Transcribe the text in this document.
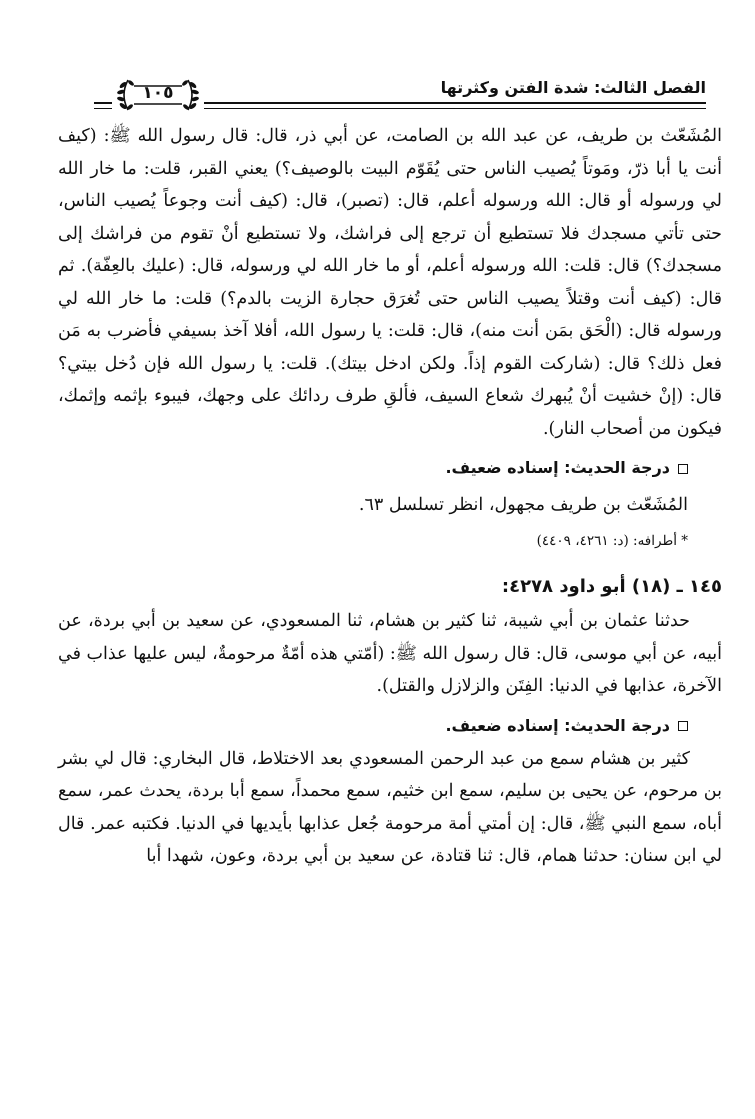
الفصل الثالث: شدة الفتن وكثرتها
١٠٥

المُشَعّث بن طريف، عن عبد الله بن الصامت، عن أبي ذر، قال: قال رسول الله ﷺ: (كيف أنت يا أبا ذرّ، ومَوتاً يُصيب الناس حتى يُقَوّم البيت بالوصيف؟) يعني القبر، قلت: ما خار الله لي ورسوله أو قال: الله ورسوله أعلم، قال: (تصبر)، قال: (كيف أنت وجوعاً يُصيب الناس، حتى تأتي مسجدك فلا تستطيع أن ترجع إلى فراشك، ولا تستطيع أنْ تقوم من فراشك إلى مسجدك؟) قال: قلت: الله ورسوله أعلم، أو ما خار الله لي ورسوله، قال: (عليك بالعِفّة). ثم قال: (كيف أنت وقتلاً يصيب الناس حتى تُغرَق حجارة الزيت بالدم؟) قلت: ما خار الله لي ورسوله قال: (الْحَق بمَن أنت منه)، قال: قلت: يا رسول الله، أفلا آخذ بسيفي فأضرب به مَن فعل ذلك؟ قال: (شاركت القوم إذاً. ولكن ادخل بيتك). قلت: يا رسول الله فإن دُخل بيتي؟ قال: (إنْ خشيت أنْ يُبهرك شعاع السيف، فألقِ طرف ردائك على وجهك، فيبوء بإثمه وإثمك، فيكون من أصحاب النار).

درجة الحديث: إسناده ضعيف.
المُشَعّث بن طريف مجهول، انظر تسلسل ٦٣.
* أطرافه: (د: ٤٢٦١، ٤٤٠٩)
١٤٥ ـ (١٨) أبو داود ٤٢٧٨:

حدثنا عثمان بن أبي شيبة، ثنا كثير بن هشام، ثنا المسعودي، عن سعيد بن أبي بردة، عن أبيه، عن أبي موسى، قال: قال رسول الله ﷺ: (أمّتي هذه أمّةٌ مرحومةٌ، ليس عليها عذاب في الآخرة، عذابها في الدنيا: الفِتَن والزلازل والقتل).

درجة الحديث: إسناده ضعيف.

كثير بن هشام سمع من عبد الرحمن المسعودي بعد الاختلاط، قال البخاري: قال لي بشر بن مرحوم، عن يحيى بن سليم، سمع ابن خثيم، سمع محمداً، سمع أبا بردة، يحدث عمر، سمع أباه، سمع النبي ﷺ، قال: إن أمتي أمة مرحومة جُعل عذابها بأيديها في الدنيا. فكتبه عمر. قال لي ابن سنان: حدثنا همام، قال: ثنا قتادة، عن سعيد بن أبي بردة، وعون، شهدا أبا
